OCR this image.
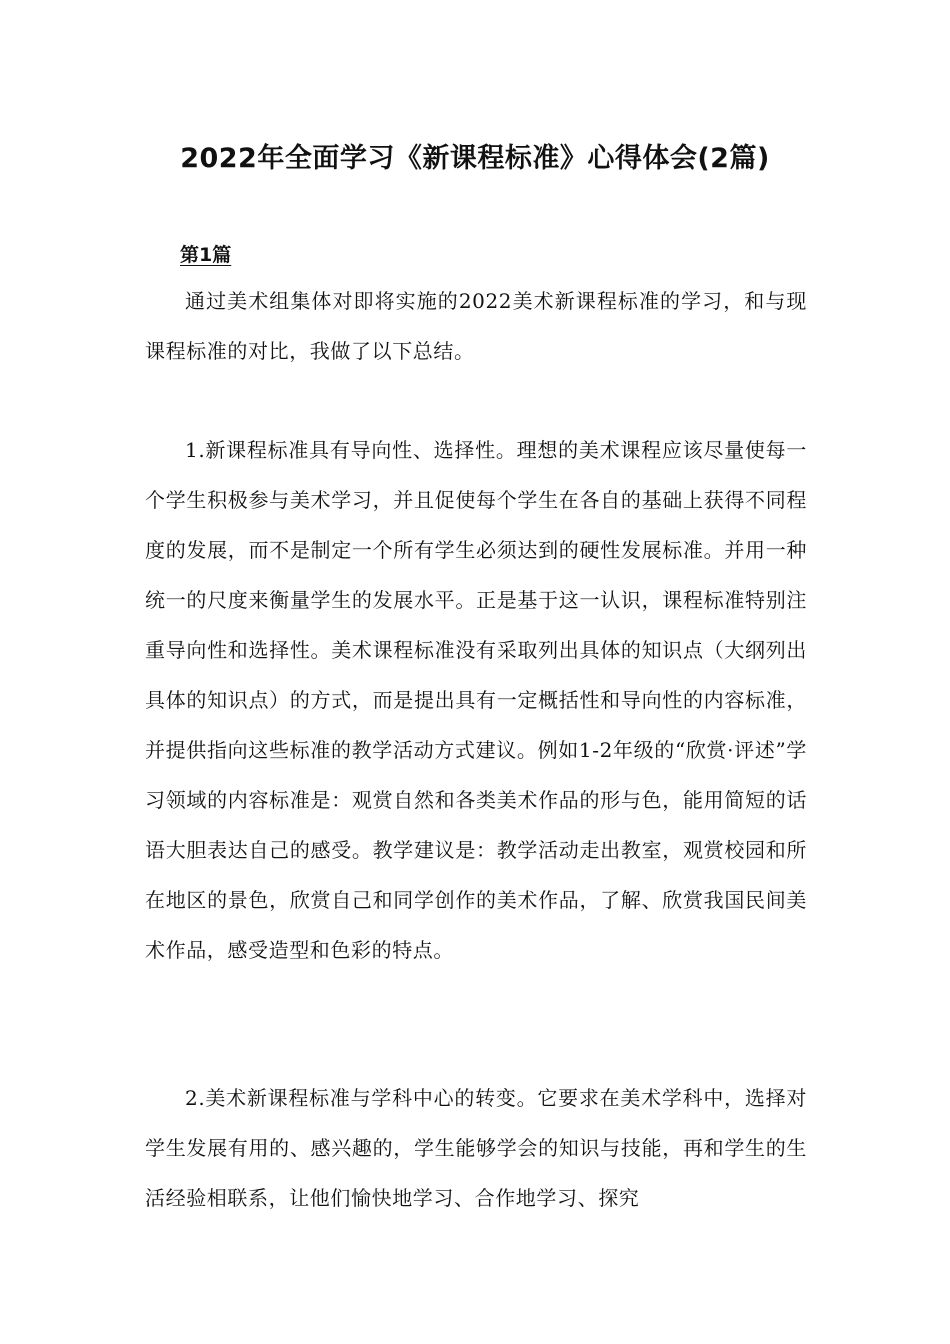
2022年全面学习《新课程标准》心得体会(2篇)
第1篇

通过美术组集体对即将实施的2022美术新课程标准的学习，和与现课程标准的对比，我做了以下总结。

1.新课程标准具有导向性、选择性。理想的美术课程应该尽量使每一个学生积极参与美术学习，并且促使每个学生在各自的基础上获得不同程度的发展，而不是制定一个所有学生必须达到的硬性发展标准。并用一种统一的尺度来衡量学生的发展水平。正是基于这一认识，课程标准特别注重导向性和选择性。美术课程标准没有采取列出具体的知识点（大纲列出具体的知识点）的方式，而是提出具有一定概括性和导向性的内容标准，并提供指向这些标准的教学活动方式建议。例如1-2年级的“欣赏·评述”学习领域的内容标准是：观赏自然和各类美术作品的形与色，能用简短的话语大胆表达自己的感受。教学建议是：教学活动走出教室，观赏校园和所在地区的景色，欣赏自己和同学创作的美术作品，了解、欣赏我国民间美术作品，感受造型和色彩的特点。

2.美术新课程标准与学科中心的转变。它要求在美术学科中，选择对学生发展有用的、感兴趣的，学生能够学会的知识与技能，再和学生的生活经验相联系，让他们愉快地学习、合作地学习、探究
